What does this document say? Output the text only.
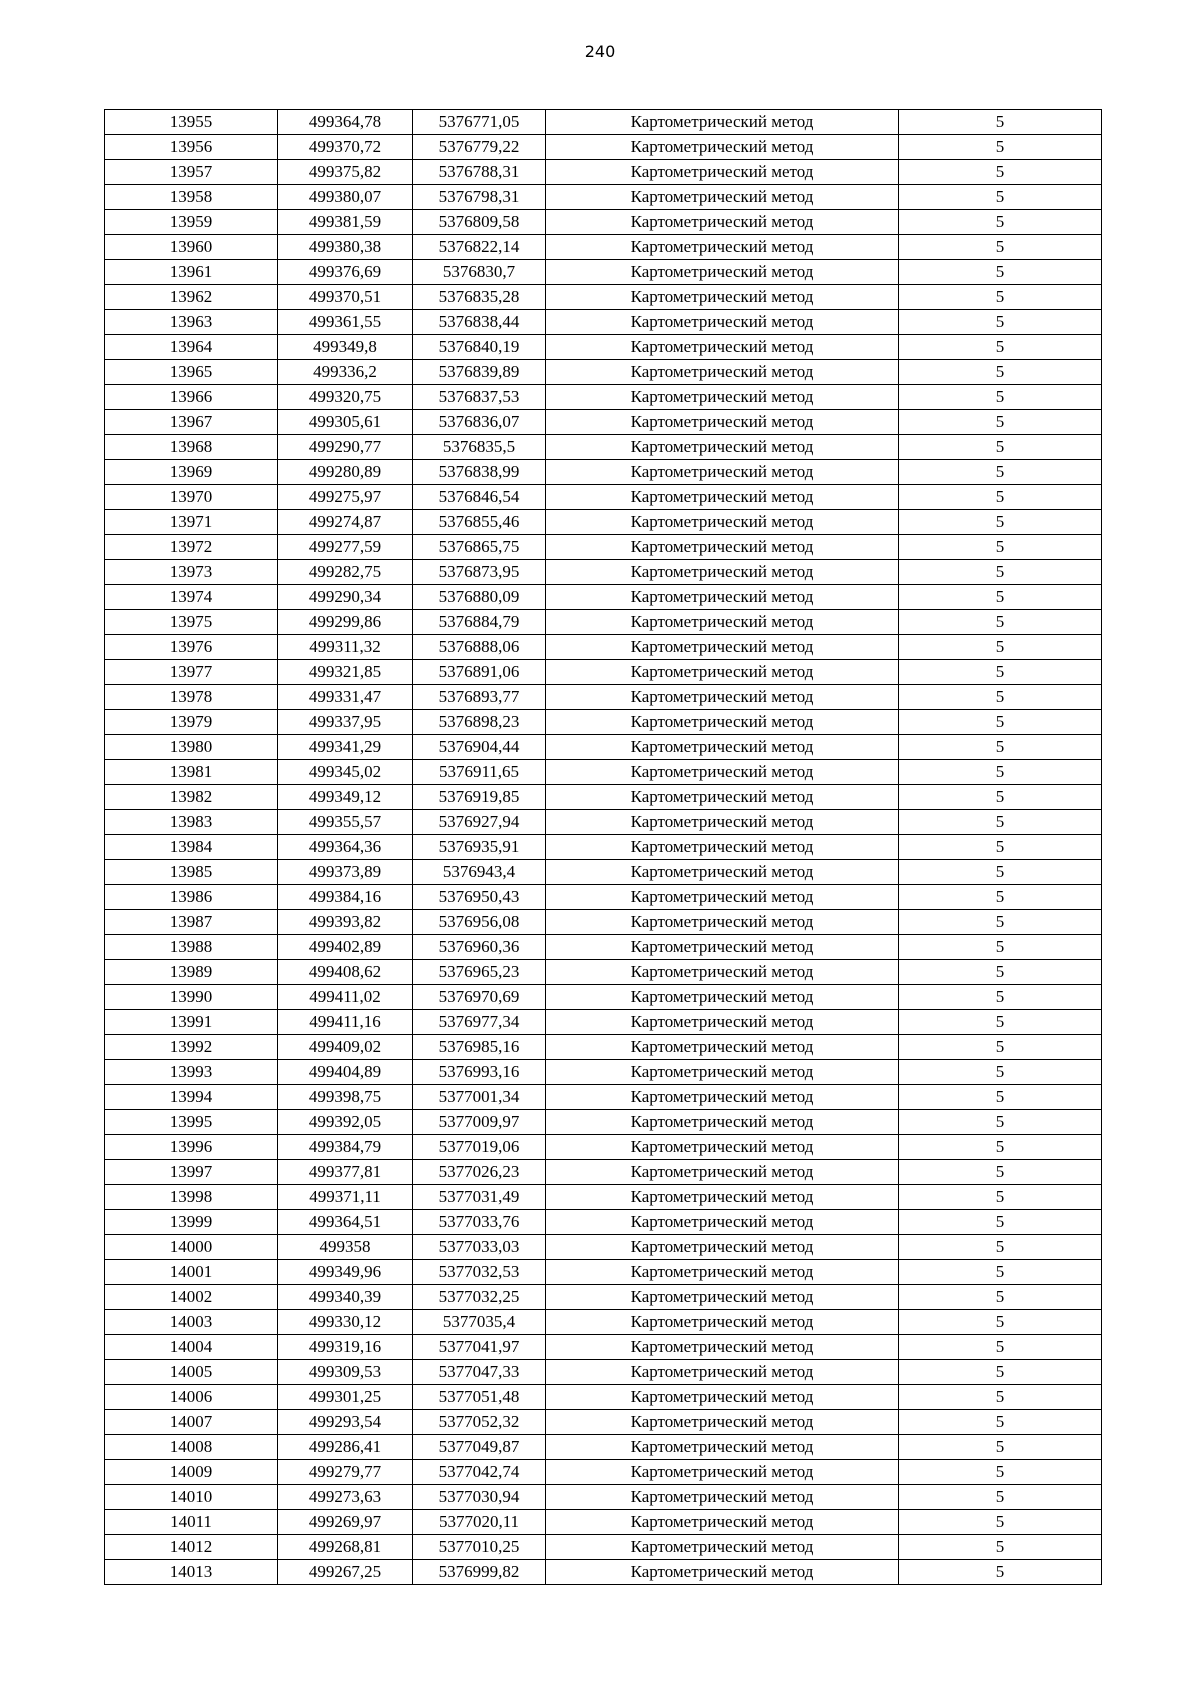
240
13955	499364,78	5376771,05	Картометрический метод	5
13956	499370,72	5376779,22	Картометрический метод	5
13957	499375,82	5376788,31	Картометрический метод	5
13958	499380,07	5376798,31	Картометрический метод	5
13959	499381,59	5376809,58	Картометрический метод	5
13960	499380,38	5376822,14	Картометрический метод	5
13961	499376,69	5376830,7	Картометрический метод	5
13962	499370,51	5376835,28	Картометрический метод	5
13963	499361,55	5376838,44	Картометрический метод	5
13964	499349,8	5376840,19	Картометрический метод	5
13965	499336,2	5376839,89	Картометрический метод	5
13966	499320,75	5376837,53	Картометрический метод	5
13967	499305,61	5376836,07	Картометрический метод	5
13968	499290,77	5376835,5	Картометрический метод	5
13969	499280,89	5376838,99	Картометрический метод	5
13970	499275,97	5376846,54	Картометрический метод	5
13971	499274,87	5376855,46	Картометрический метод	5
13972	499277,59	5376865,75	Картометрический метод	5
13973	499282,75	5376873,95	Картометрический метод	5
13974	499290,34	5376880,09	Картометрический метод	5
13975	499299,86	5376884,79	Картометрический метод	5
13976	499311,32	5376888,06	Картометрический метод	5
13977	499321,85	5376891,06	Картометрический метод	5
13978	499331,47	5376893,77	Картометрический метод	5
13979	499337,95	5376898,23	Картометрический метод	5
13980	499341,29	5376904,44	Картометрический метод	5
13981	499345,02	5376911,65	Картометрический метод	5
13982	499349,12	5376919,85	Картометрический метод	5
13983	499355,57	5376927,94	Картометрический метод	5
13984	499364,36	5376935,91	Картометрический метод	5
13985	499373,89	5376943,4	Картометрический метод	5
13986	499384,16	5376950,43	Картометрический метод	5
13987	499393,82	5376956,08	Картометрический метод	5
13988	499402,89	5376960,36	Картометрический метод	5
13989	499408,62	5376965,23	Картометрический метод	5
13990	499411,02	5376970,69	Картометрический метод	5
13991	499411,16	5376977,34	Картометрический метод	5
13992	499409,02	5376985,16	Картометрический метод	5
13993	499404,89	5376993,16	Картометрический метод	5
13994	499398,75	5377001,34	Картометрический метод	5
13995	499392,05	5377009,97	Картометрический метод	5
13996	499384,79	5377019,06	Картометрический метод	5
13997	499377,81	5377026,23	Картометрический метод	5
13998	499371,11	5377031,49	Картометрический метод	5
13999	499364,51	5377033,76	Картометрический метод	5
14000	499358	5377033,03	Картометрический метод	5
14001	499349,96	5377032,53	Картометрический метод	5
14002	499340,39	5377032,25	Картометрический метод	5
14003	499330,12	5377035,4	Картометрический метод	5
14004	499319,16	5377041,97	Картометрический метод	5
14005	499309,53	5377047,33	Картометрический метод	5
14006	499301,25	5377051,48	Картометрический метод	5
14007	499293,54	5377052,32	Картометрический метод	5
14008	499286,41	5377049,87	Картометрический метод	5
14009	499279,77	5377042,74	Картометрический метод	5
14010	499273,63	5377030,94	Картометрический метод	5
14011	499269,97	5377020,11	Картометрический метод	5
14012	499268,81	5377010,25	Картометрический метод	5
14013	499267,25	5376999,82	Картометрический метод	5
